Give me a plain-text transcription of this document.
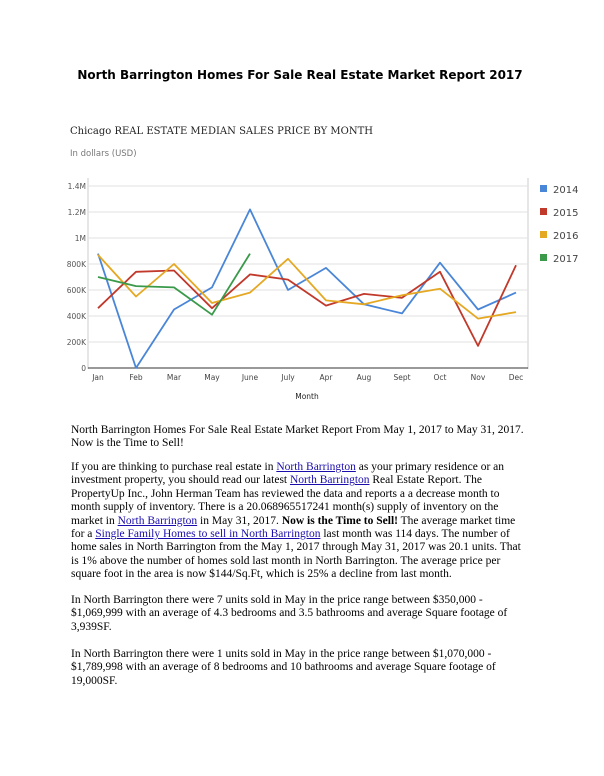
North Barrington Homes For Sale Real Estate Market Report 2017
Chicago REAL ESTATE MEDIAN SALES PRICE BY MONTH
In dollars (USD)
0
200K
400K
600K
800K
1M
1.2M
1.4M
Jan	Feb	Mar	May	June	July	Apr	Aug	Sept	Oct	Nov	Dec
Month
2014
2015
2016
2017

North Barrington Homes For Sale Real Estate Market Report From May 1, 2017 to May 31, 2017. Now is the Time to Sell!

If you are thinking to purchase real estate in North Barrington as your primary residence or an investment property, you should read our latest North Barrington Real Estate Report. The PropertyUp Inc., John Herman Team has reviewed the data and reports a a decrease month to month supply of inventory. There is a 20.068965517241 month(s) supply of inventory on the market in North Barrington in May 31, 2017. Now is the Time to Sell! The average market time for a Single Family Homes to sell in North Barrington last month was 114 days. The number of home sales in North Barrington from the May 1, 2017 through May 31, 2017 was 20.1 units. That is 1% above the number of homes sold last month in North Barrington. The average price per square foot in the area is now $144/Sq.Ft, which is 25% a decline from last month.

In North Barrington there were 7 units sold in May in the price range between $350,000 - $1,069,999 with an average of 4.3 bedrooms and 3.5 bathrooms and average Square footage of 3,939SF.

In North Barrington there were 1 units sold in May in the price range between $1,070,000 - $1,789,998 with an average of 8 bedrooms and 10 bathrooms and average Square footage of 19,000SF.
